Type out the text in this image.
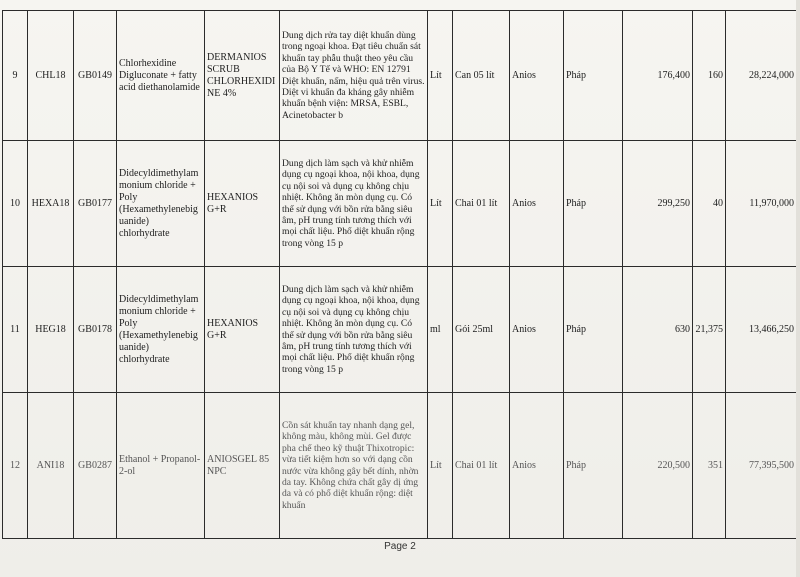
9	CHL18	GB0149	Chlorhexidine Digluconate + fatty acid diethanolamide	DERMANIOS SCRUB CHLORHEXIDINE 4%	Dung dịch rửa tay diệt khuẩn dùng trong ngoại khoa. Đạt tiêu chuẩn sát khuẩn tay phẫu thuật theo yêu cầu của Bộ Y Tế và WHO: EN 12791 Diệt khuẩn, nấm, hiệu quả trên virus. Diệt vi khuẩn đa kháng gây nhiễm khuẩn bệnh viện: MRSA, ESBL, Acinetobacter b	Lít	Can 05 lít	Anios	Pháp	176,400	160	28,224,000
10	HEXA18	GB0177	Didecyldimethylammonium chloride + Poly (Hexamethylenebiguanide) chlorhydrate	HEXANIOS G+R	Dung dịch làm sạch và khử nhiễm dụng cụ ngoại khoa, nội khoa, dụng cụ nội soi và dụng cụ không chịu nhiệt. Không ăn mòn dụng cụ. Có thể sử dụng với bồn rửa bằng siêu âm, pH trung tính tương thích với mọi chất liệu. Phổ diệt khuẩn rộng trong vòng 15 p	Lít	Chai 01 lít	Anios	Pháp	299,250	40	11,970,000
11	HEG18	GB0178	Didecyldimethylammonium chloride + Poly (Hexamethylenebiguanide) chlorhydrate	HEXANIOS G+R	Dung dịch làm sạch và khử nhiễm dụng cụ ngoại khoa, nội khoa, dụng cụ nội soi và dụng cụ không chịu nhiệt. Không ăn mòn dụng cụ. Có thể sử dụng với bồn rửa bằng siêu âm, pH trung tính tương thích với mọi chất liệu. Phổ diệt khuẩn rộng trong vòng 15 p	ml	Gói 25ml	Anios	Pháp	630	21,375	13,466,250
12	ANI18	GB0287	Ethanol + Propanol-2-ol	ANIOSGEL 85 NPC	Cồn sát khuẩn tay nhanh dạng gel, không màu, không mùi. Gel được pha chế theo kỹ thuật Thixotropic: vừa tiết kiệm hơn so với dạng cồn nước vừa không gây bết dính, nhờn da tay. Không chứa chất gây dị ứng da và có phổ diệt khuẩn rộng: diệt khuẩn	Lít	Chai 01 lít	Anios	Pháp	220,500	351	77,395,500
Page 2
